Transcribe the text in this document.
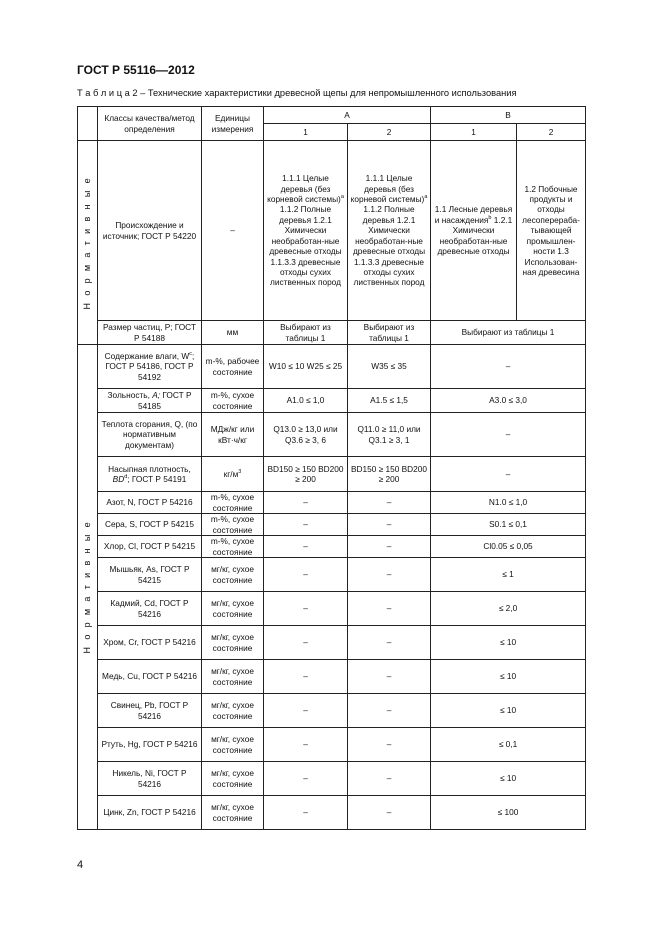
ГОСТ Р 55116—2012
Т а б л и ц а 2 – Технические характеристики древесной щепы для непромышленного использования
	Классы качества/метод определения	Единицы измерения	А		В	
			1	2	1	2

Н о р м а т и в н ы е	Происхождение и источник; ГОСТ Р 54220	–	1.1.1 Целые деревья (без корневой системы)$^a$ 1.1.2 Полные деревья 1.2.1 Химически необработан-ные древесные отходы 1.1.3.3 древесные отходы сухих лиственных пород	1.1.1 Целые деревья (без корневой системы)$^a$ 1.1.2 Полные деревья 1.2.1 Химически необработан-ные древесные отходы 1.1.3.3 древесные отходы сухих лиственных пород	1.1 Лесные деревья и насаждения$^b$ 1.2.1 Химически необработан-ные древесные отходы	1.2 Побочные продукты и отходы лесоперераба-тывающей промышлен-ности 1.3 Использован-ная древесина
	Размер частиц, Р; ГОСТ Р 54188	мм	Выбирают из таблицы 1	Выбирают из таблицы 1	Выбирают из таблицы 1	

Н о р м а т и в н ы е	Содержание влаги, $W^c$; ГОСТ Р 54186, ГОСТ Р 54192	m-%, рабочее состояние	W10 ≤ 10 W25 ≤ 25	W35 ≤ 35	–	
	Зольность, А; ГОСТ Р 54185	m-%, сухое состояние	A1.0 ≤ 1,0	A1.5 ≤ 1,5	A3.0 ≤ 3,0	
	Теплота сгорания, Q, (по нормативным документам)	МДж/кг или кВт·ч/кг	Q13.0 ≥ 13,0 или Q3.6 ≥ 3, 6	Q11.0 ≥ 11,0 или Q3.1 ≥ 3, 1	–	
	Насыпная плотность, $BD^d$; ГОСТ Р 54191	$кг/м^3$	BD150 ≥ 150 BD200 ≥ 200	BD150 ≥ 150 BD200 ≥ 200	–	
	Азот, N, ГОСТ Р 54216	m-%, сухое состояние	–	–	N1.0 ≤ 1,0	
	Сера, S, ГОСТ Р 54215	m-%, сухое состояние	–	–	S0.1 ≤ 0,1	
	Хлор, Cl, ГОСТ Р 54215	m-%, сухое состояние	–	–	Cl0.05 ≤ 0,05	
	Мышьяк, As, ГОСТ Р 54215	мг/кг, сухое состояние	–	–	≤ 1	
	Кадмий, Cd, ГОСТ Р 54216	мг/кг, сухое состояние	–	–	≤ 2,0	
	Хром, Cr, ГОСТ Р 54216	мг/кг, сухое состояние	–	–	≤ 10	
	Медь, Cu, ГОСТ Р 54216	мг/кг, сухое состояние	–	–	≤ 10	
	Свинец, Pb, ГОСТ Р 54216	мг/кг, сухое состояние	–	–	≤ 10	
	Ртуть, Hg, ГОСТ Р 54216	мг/кг, сухое состояние	–	–	≤ 0,1	
	Никель, Ni, ГОСТ Р 54216	мг/кг, сухое состояние	–	–	≤ 10	
	Цинк, Zn, ГОСТ Р 54216	мг/кг, сухое состояние	–	–	≤ 100	
4
